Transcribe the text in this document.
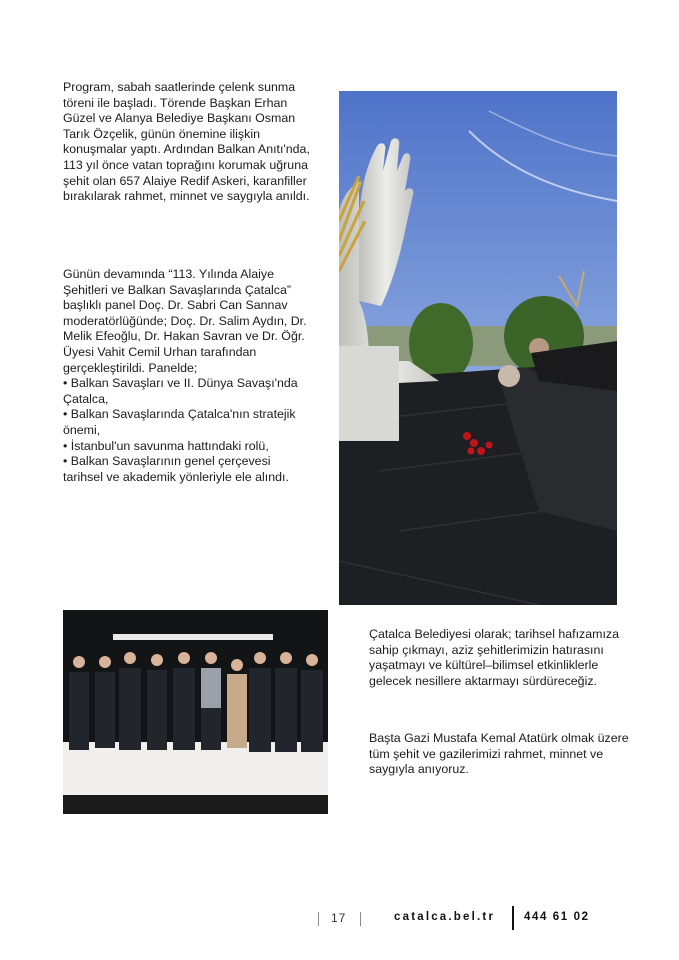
Program, sabah saatlerinde çelenk sunma töreni ile başladı. Törende Başkan Erhan Güzel ve Alanya Belediye Başkanı Osman Tarık Özçelik, günün önemine ilişkin konuşmalar yaptı. Ardından Balkan Anıtı'nda, 113 yıl önce vatan toprağını korumak uğruna şehit olan 657 Alaiye Redif Askeri, karanfiller bırakılarak rahmet, minnet ve saygıyla anıldı.

Günün devamında “113. Yılında Alaiye Şehitleri ve Balkan Savaşlarında Çatalca” başlıklı panel Doç. Dr. Sabri Can Sannav moderatörlüğünde; Doç. Dr. Salim Aydın, Dr. Melik Efeoğlu, Dr. Hakan Savran ve Dr. Öğr. Üyesi Vahit Cemil Urhan tarafından gerçekleştirildi. Panelde;
• Balkan Savaşları ve II. Dünya Savaşı'nda Çatalca,
• Balkan Savaşlarında Çatalca'nın stratejik önemi,
• İstanbul'un savunma hattındaki rolü,
• Balkan Savaşlarının genel çerçevesi tarihsel ve akademik yönleriyle ele alındı.

Çatalca Belediyesi olarak; tarihsel hafızamıza sahip çıkmayı, aziz şehitlerimizin hatırasını yaşatmayı ve kültürel–bilimsel etkinliklerle gelecek nesillere aktarmayı sürdüreceğiz.

Başta Gazi Mustafa Kemal Atatürk olmak üzere tüm şehit ve gazilerimizi rahmet, minnet ve saygıyla anıyoruz.

17	catalca.bel.tr	444 61 02
